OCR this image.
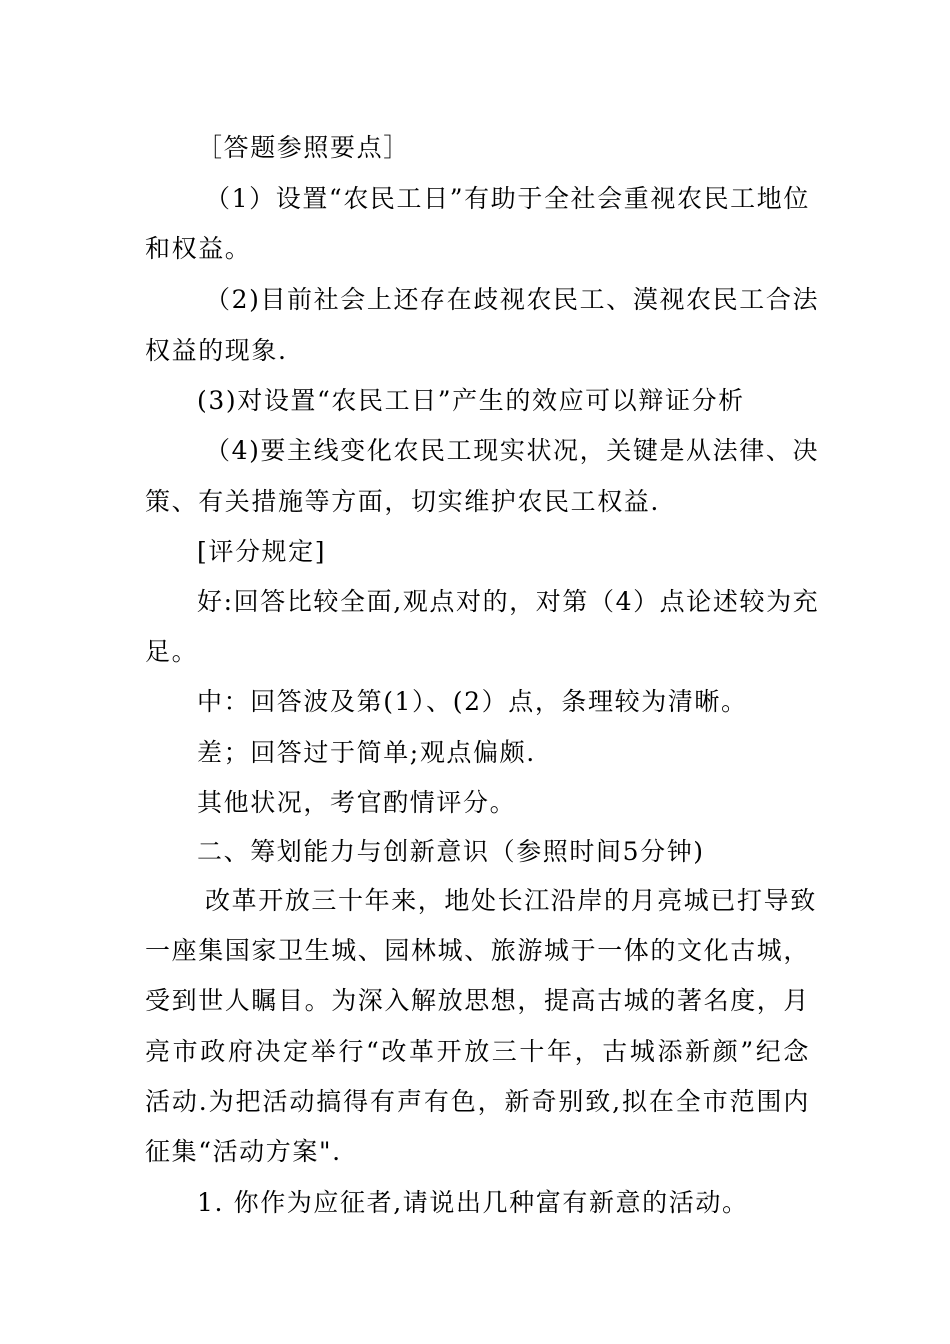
［答题参照要点］
（1）设置“农民工日”有助于全社会重视农民工地位
和权益。
（2)目前社会上还存在歧视农民工、漠视农民工合法
权益的现象.
(3)对设置“农民工日”产生的效应可以辩证分析
（4)要主线变化农民工现实状况，关键是从法律、决
策、有关措施等方面，切实维护农民工权益.
[评分规定]
好:回答比较全面,观点对的，对第（4）点论述较为充
足。
中：回答波及第(1）、(2）点，条理较为清晰。
差；回答过于简单;观点偏颇.
其他状况，考官酌情评分。
二、筹划能力与创新意识（参照时间5分钟)
改革开放三十年来，地处长江沿岸的月亮城已打导致
一座集国家卫生城、园林城、旅游城于一体的文化古城，
受到世人瞩目。为深入解放思想，提高古城的著名度，月
亮市政府决定举行“改革开放三十年，古城添新颜”纪念
活动.为把活动搞得有声有色，新奇别致,拟在全市范围内
征集“活动方案".
1. 你作为应征者,请说出几种富有新意的活动。
